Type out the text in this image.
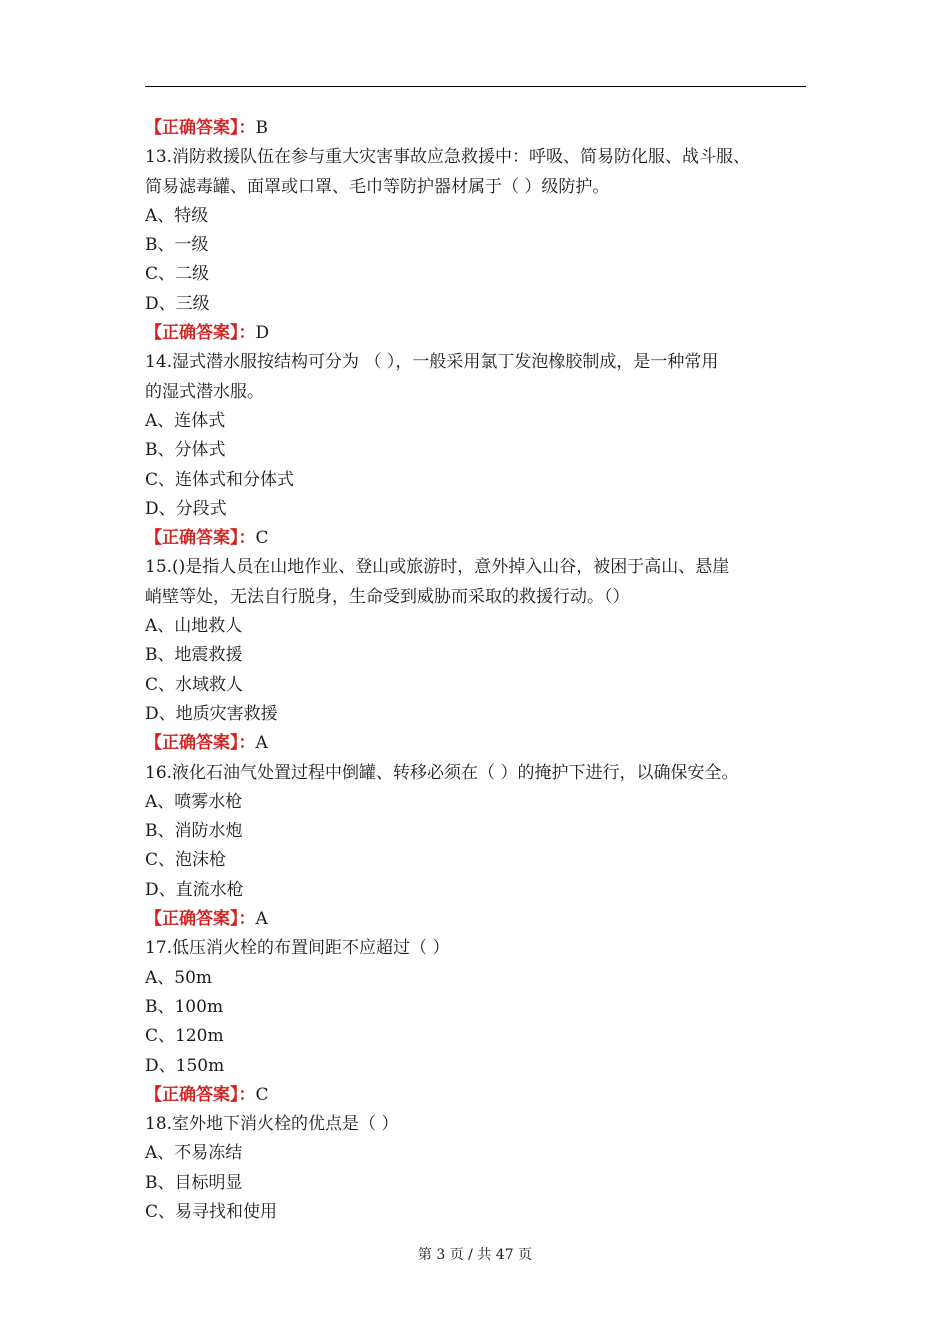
【正确答案】：B
13.消防救援队伍在参与重大灾害事故应急救援中：呼吸、简易防化服、战斗服、
简易滤毒罐、面罩或口罩、毛巾等防护器材属于（ ）级防护。
A、特级
B、一级
C、二级
D、三级
【正确答案】：D
14.湿式潜水服按结构可分为 （ ），一般采用氯丁发泡橡胶制成，是一种常用
的湿式潜水服。
A、连体式
B、分体式
C、连体式和分体式
D、分段式
【正确答案】：C
15.()是指人员在山地作业、登山或旅游时，意外掉入山谷，被困于高山、悬崖
峭壁等处，无法自行脱身，生命受到威胁而采取的救援行动。（）
A、山地救人
B、地震救援
C、水域救人
D、地质灾害救援
【正确答案】：A
16.液化石油气处置过程中倒罐、转移必须在（ ）的掩护下进行，以确保安全。
A、喷雾水枪
B、消防水炮
C、泡沫枪
D、直流水枪
【正确答案】：A
17.低压消火栓的布置间距不应超过（ ）
A、50m
B、100m
C、120m
D、150m
【正确答案】：C
18.室外地下消火栓的优点是（ ）
A、不易冻结
B、目标明显
C、易寻找和使用
第 3 页 / 共 47 页
